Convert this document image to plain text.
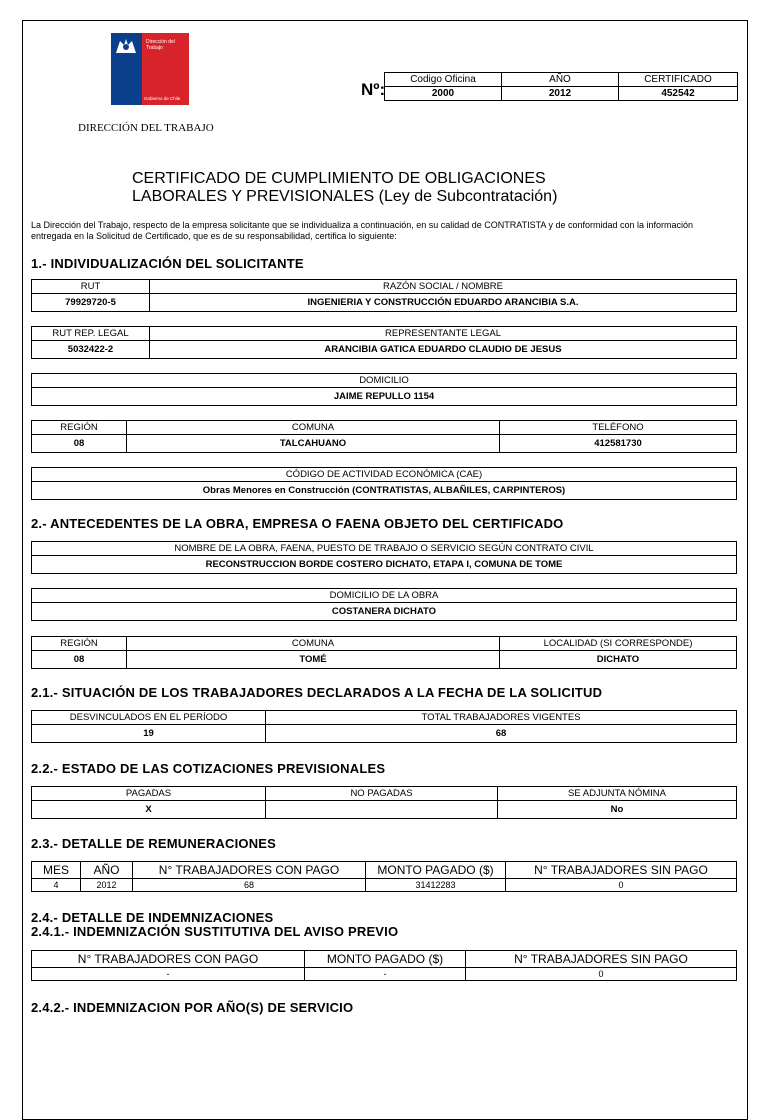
Dirección del Trabajo
Gobierno de Chile
DIRECCIÓN DEL TRABAJO
Nº:
Codigo Oficina	AÑO	CERTIFICADO
2000	2012	452542
CERTIFICADO DE CUMPLIMIENTO DE OBLIGACIONES
LABORALES Y PREVISIONALES (Ley de Subcontratación)
La Dirección del Trabajo, respecto de la empresa solicitante que se individualiza a continuación, en su calidad de CONTRATISTA y de conformidad con la información entregada en la Solicitud de Certificado, que es de su responsabilidad, certifica lo siguiente:
1.- INDIVIDUALIZACIÓN DEL SOLICITANTE
RUT	RAZÓN SOCIAL / NOMBRE
79929720-5	INGENIERIA Y CONSTRUCCIÓN EDUARDO ARANCIBIA S.A.
RUT REP. LEGAL	REPRESENTANTE LEGAL
5032422-2	ARANCIBIA GATICA EDUARDO CLAUDIO DE JESUS
DOMICILIO
JAIME REPULLO 1154
REGIÓN	COMUNA	TELÉFONO
08	TALCAHUANO	412581730
CÓDIGO DE ACTIVIDAD ECONÓMICA (CAE)
Obras Menores en Construcción (CONTRATISTAS, ALBAÑILES, CARPINTEROS)
2.- ANTECEDENTES DE LA OBRA, EMPRESA O FAENA OBJETO DEL CERTIFICADO
NOMBRE DE LA OBRA, FAENA, PUESTO DE TRABAJO O SERVICIO SEGÚN CONTRATO CIVIL
RECONSTRUCCION BORDE COSTERO DICHATO, ETAPA I, COMUNA DE TOME
DOMICILIO DE LA OBRA
COSTANERA DICHATO
REGIÓN	COMUNA	LOCALIDAD (SI CORRESPONDE)
08	TOMÉ	DICHATO
2.1.- SITUACIÓN DE LOS TRABAJADORES DECLARADOS A LA FECHA DE LA SOLICITUD
DESVINCULADOS EN EL PERÍODO	TOTAL TRABAJADORES VIGENTES
19	68
2.2.- ESTADO DE LAS COTIZACIONES PREVISIONALES
PAGADAS	NO PAGADAS	SE ADJUNTA NÓMINA
X		No
2.3.- DETALLE DE REMUNERACIONES
MES	AÑO	N° TRABAJADORES CON PAGO	MONTO PAGADO ($)	N° TRABAJADORES SIN PAGO
4	2012	68	31412283	0
2.4.- DETALLE DE INDEMNIZACIONES
2.4.1.- INDEMNIZACIÓN SUSTITUTIVA DEL AVISO PREVIO
N° TRABAJADORES CON PAGO	MONTO PAGADO ($)	N° TRABAJADORES SIN PAGO
-	-	0
2.4.2.- INDEMNIZACION POR AÑO(S) DE SERVICIO
